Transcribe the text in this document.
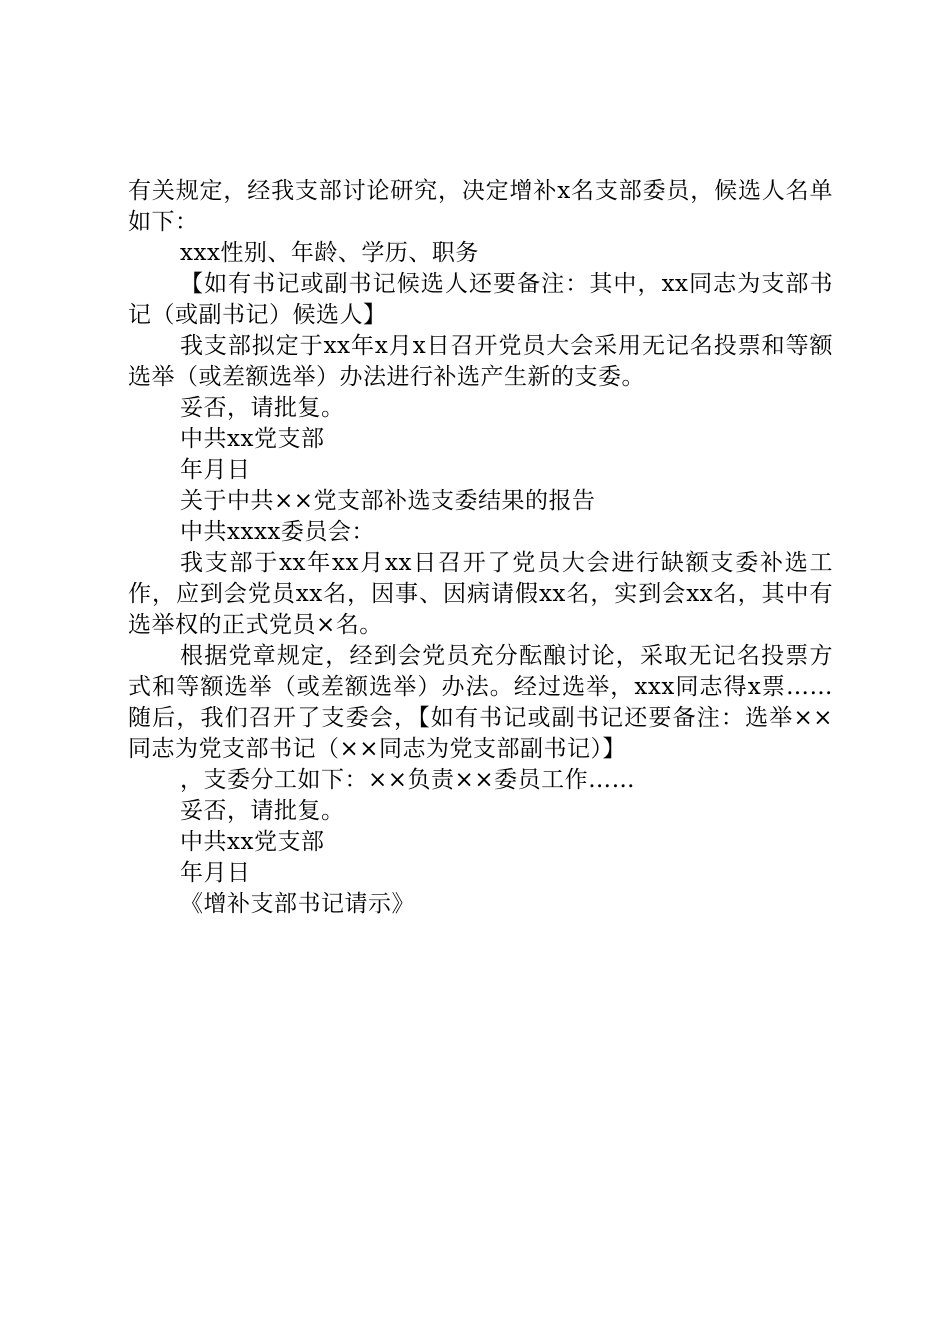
有关规定，经我支部讨论研究，决定增补x名支部委员，候选人名单如下：

xxx性别、年龄、学历、职务

【如有书记或副书记候选人还要备注：其中，xx同志为支部书记（或副书记）候选人】

我支部拟定于xx年x月x日召开党员大会采用无记名投票和等额选举（或差额选举）办法进行补选产生新的支委。

妥否，请批复。

中共xx党支部

年月日

关于中共××党支部补选支委结果的报告

中共xxxx委员会：

我支部于xx年xx月xx日召开了党员大会进行缺额支委补选工作，应到会党员xx名，因事、因病请假xx名，实到会xx名，其中有选举权的正式党员×名。

根据党章规定，经到会党员充分酝酿讨论，采取无记名投票方式和等额选举（或差额选举）办法。经过选举，xxx同志得x票……随后，我们召开了支委会，【如有书记或副书记还要备注：选举××同志为党支部书记（××同志为党支部副书记）】

，支委分工如下：××负责××委员工作……

妥否，请批复。

中共xx党支部

年月日

《增补支部书记请示》
